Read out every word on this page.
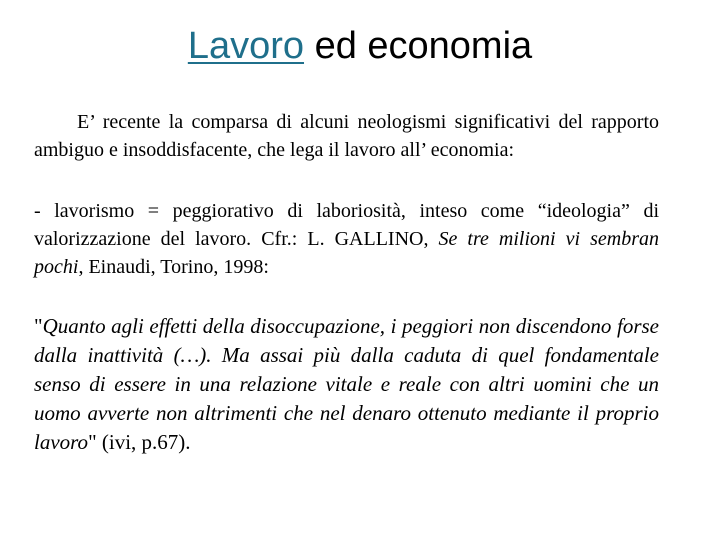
Lavoro ed economia

E’ recente la comparsa di alcuni neologismi significativi del rapporto ambiguo e insoddisfacente, che lega il lavoro all’ economia:

- lavorismo = peggiorativo di laboriosità, inteso come “ideologia” di valorizzazione del lavoro. Cfr.: L. GALLINO, Se tre milioni vi sembran pochi, Einaudi, Torino, 1998:

"Quanto agli effetti della disoccupazione, i peggiori non discendono forse dalla inattività (…). Ma assai più dalla caduta di quel fondamentale senso di essere in una relazione vitale e reale con altri uomini che un uomo avverte non altrimenti che nel denaro ottenuto mediante il proprio lavoro" (ivi, p.67).
